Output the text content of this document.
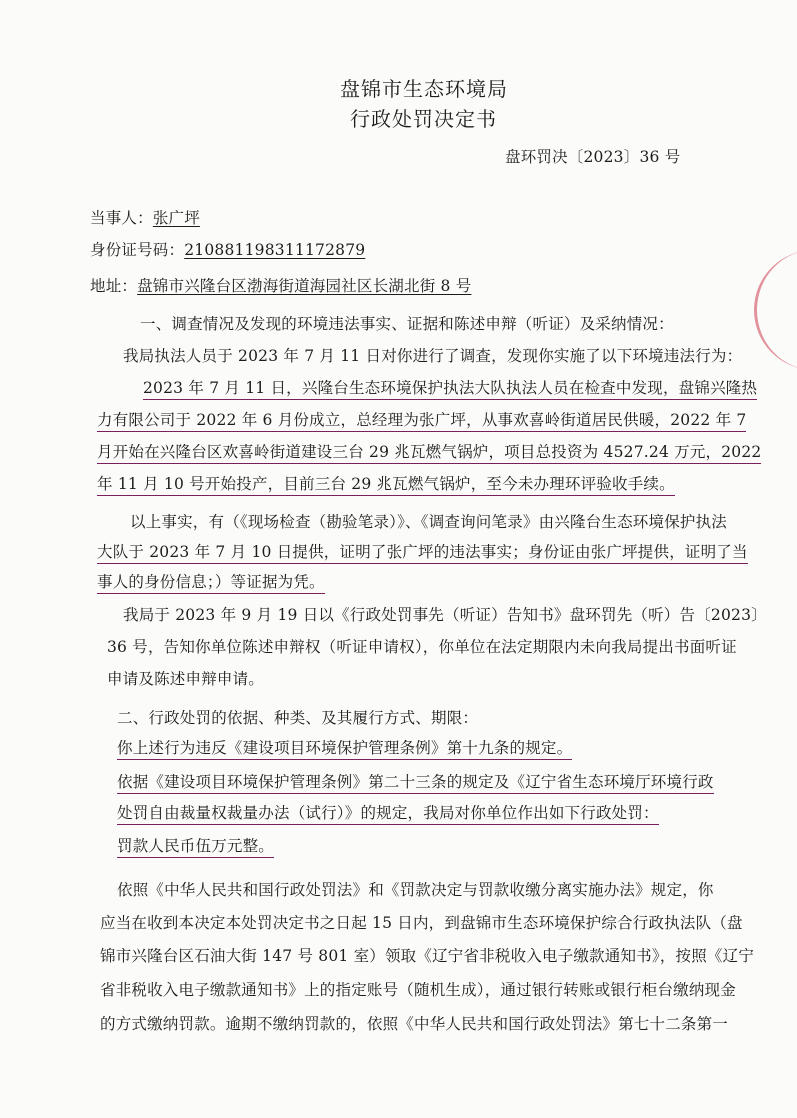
盘锦市生态环境局
行政处罚决定书
盘环罚决〔2023〕36 号
当事人：张广坪
身份证号码：210881198311172879
地址：盘锦市兴隆台区渤海街道海园社区长湖北街 8 号
一、调查情况及发现的环境违法事实、证据和陈述申辩（听证）及采纳情况：
我局执法人员于 2023 年 7 月 11 日对你进行了调查，发现你实施了以下环境违法行为：
2023 年 7 月 11 日，兴隆台生态环境保护执法大队执法人员在检查中发现，盘锦兴隆热
力有限公司于 2022 年 6 月份成立，总经理为张广坪，从事欢喜岭街道居民供暖，2022 年 7
月开始在兴隆台区欢喜岭街道建设三台 29 兆瓦燃气锅炉，项目总投资为 4527.24 万元，2022
年 11 月 10 号开始投产，目前三台 29 兆瓦燃气锅炉，至今未办理环评验收手续。
以上事实，有（《现场检查（勘验笔录）》、《调查询问笔录》由兴隆台生态环境保护执法
大队于 2023 年 7 月 10 日提供，证明了张广坪的违法事实；身份证由张广坪提供，证明了当
事人的身份信息；）等证据为凭。
我局于 2023 年 9 月 19 日以《行政处罚事先（听证）告知书》盘环罚先（听）告〔2023〕
36 号，告知你单位陈述申辩权（听证申请权），你单位在法定期限内未向我局提出书面听证
申请及陈述申辩申请。
二、行政处罚的依据、种类、及其履行方式、期限：
你上述行为违反《建设项目环境保护管理条例》第十九条的规定。
依据《建设项目环境保护管理条例》第二十三条的规定及《辽宁省生态环境厅环境行政
处罚自由裁量权裁量办法（试行）》的规定，我局对你单位作出如下行政处罚：
罚款人民币伍万元整。
依照《中华人民共和国行政处罚法》和《罚款决定与罚款收缴分离实施办法》规定，你
应当在收到本决定本处罚决定书之日起 15 日内，到盘锦市生态环境保护综合行政执法队（盘
锦市兴隆台区石油大街 147 号 801 室）领取《辽宁省非税收入电子缴款通知书》，按照《辽宁
省非税收入电子缴款通知书》上的指定账号（随机生成），通过银行转账或银行柜台缴纳现金
的方式缴纳罚款。逾期不缴纳罚款的，依照《中华人民共和国行政处罚法》第七十二条第一
